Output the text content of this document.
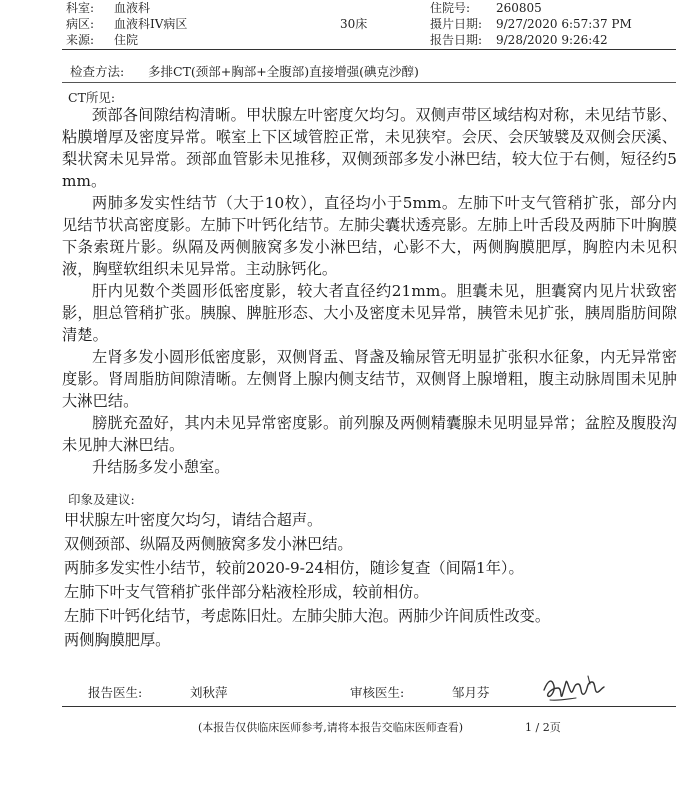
科室: 血液科	住院号: 260805
病区: 血液科IV病区	30床	摄片日期: 9/27/2020 6:57:37 PM
来源: 住院	报告日期: 9/28/2020 9:26:42
检查方法: 多排CT(颈部+胸部+全腹部)直接增强(碘克沙醇)
CT所见:

颈部各间隙结构清晰。甲状腺左叶密度欠均匀。双侧声带区域结构对称，未见结节影、粘膜增厚及密度异常。喉室上下区域管腔正常，未见狭窄。会厌、会厌皱襞及双侧会厌溪、梨状窝未见异常。颈部血管影未见推移，双侧颈部多发小淋巴结，较大位于右侧，短径约5mm。

两肺多发实性结节（大于10枚），直径均小于5mm。左肺下叶支气管稍扩张，部分内见结节状高密度影。左肺下叶钙化结节。左肺尖囊状透亮影。左肺上叶舌段及两肺下叶胸膜下条索斑片影。纵隔及两侧腋窝多发小淋巴结，心影不大，两侧胸膜肥厚，胸腔内未见积液，胸壁软组织未见异常。主动脉钙化。

肝内见数个类圆形低密度影，较大者直径约21mm。胆囊未见，胆囊窝内见片状致密影，胆总管稍扩张。胰腺、脾脏形态、大小及密度未见异常，胰管未见扩张，胰周脂肪间隙清楚。

左肾多发小圆形低密度影，双侧肾盂、肾盏及输尿管无明显扩张积水征象，内无异常密度影。肾周脂肪间隙清晰。左侧肾上腺内侧支结节，双侧肾上腺增粗，腹主动脉周围未见肿大淋巴结。

膀胱充盈好，其内未见异常密度影。前列腺及两侧精囊腺未见明显异常；盆腔及腹股沟未见肿大淋巴结。

升结肠多发小憩室。

印象及建议:
甲状腺左叶密度欠均匀，请结合超声。
双侧颈部、纵隔及两侧腋窝多发小淋巴结。
两肺多发实性小结节，较前2020-9-24相仿，随诊复查（间隔1年）。
左肺下叶支气管稍扩张伴部分粘液栓形成，较前相仿。
左肺下叶钙化结节，考虑陈旧灶。左肺尖肺大泡。两肺少许间质性改变。
两侧胸膜肥厚。
报告医生:	刘秋萍	审核医生:	邹月芬
(本报告仅供临床医师参考,请将本报告交临床医师查看)	1 / 2页
